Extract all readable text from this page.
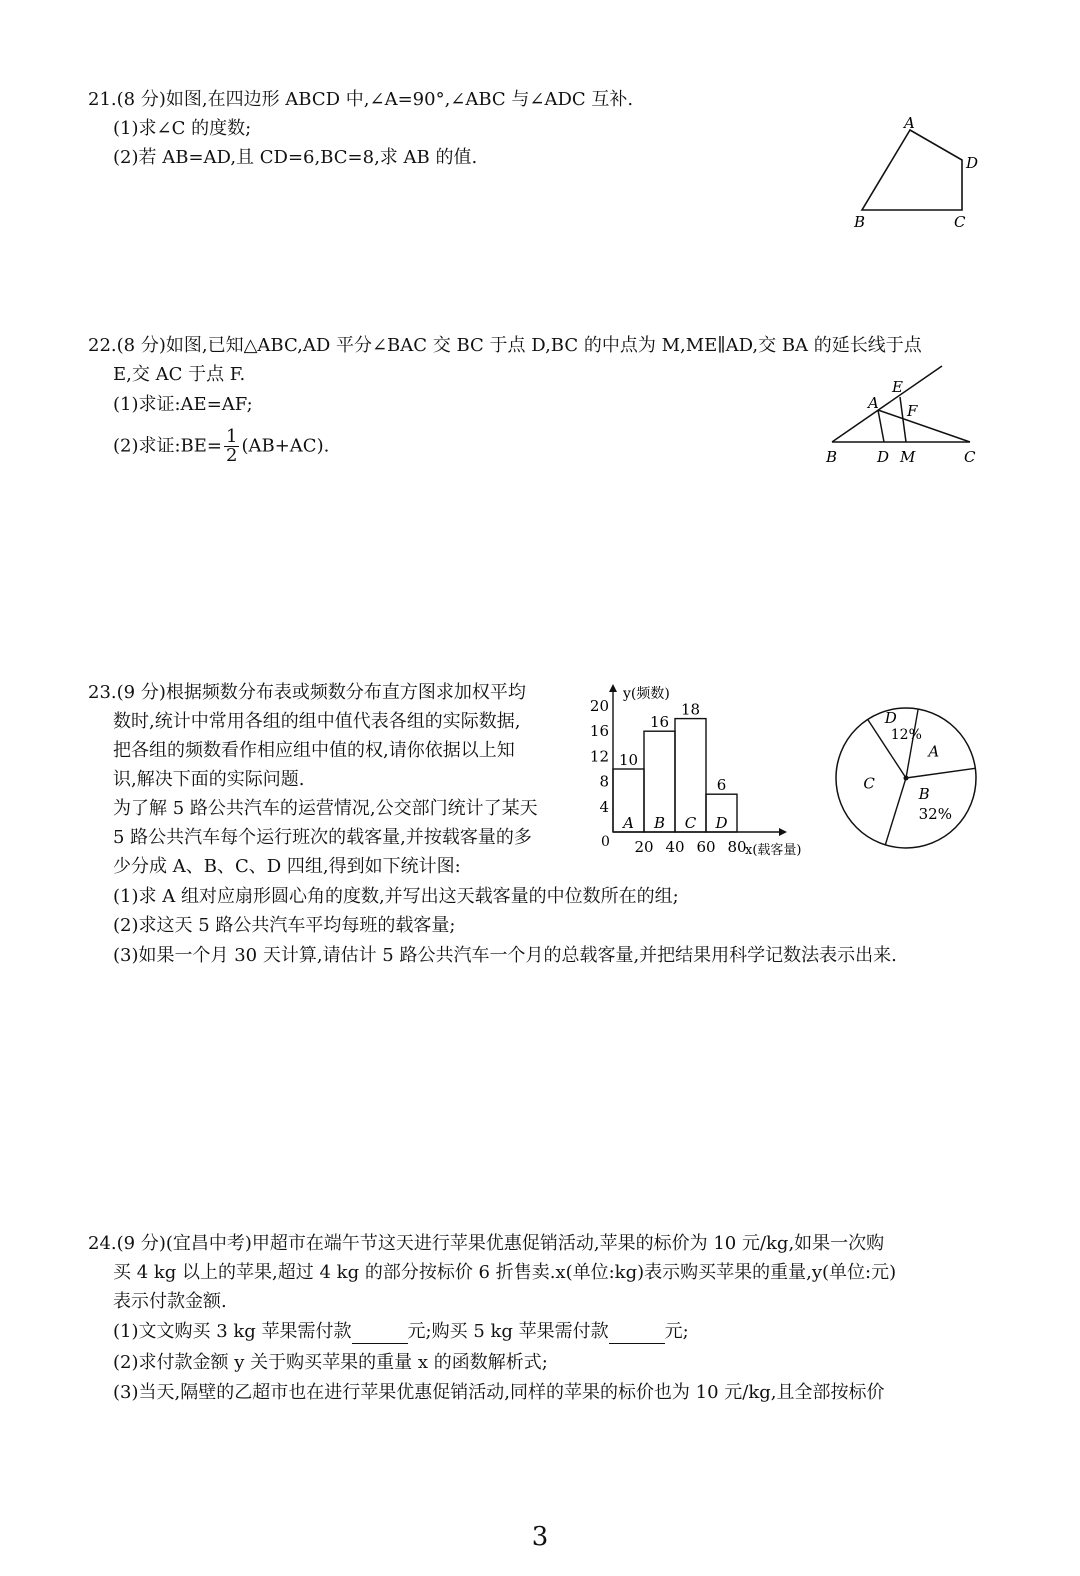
21.(8 分)如图,在四边形 ABCD 中,∠A=90°,∠ABC 与∠ADC 互补.
(1)求∠C 的度数;
(2)若 AB=AD,且 CD=6,BC=8,求 AB 的值.
A
D
B	C
22.(8 分)如图,已知△ABC,AD 平分∠BAC 交 BC 于点 D,BC 的中点为 M,ME∥AD,交 BA 的延长线于点
E,交 AC 于点 F.
(1)求证:AE=AF;
(2)求证:BE= $\frac{1}{2} (AB+AC)$.
A
E
F
B	D M	C
23.(9 分)根据频数分布表或频数分布直方图求加权平均
数时,统计中常用各组的组中值代表各组的实际数据,
把各组的频数看作相应组中值的权,请你依据以上知
识,解决下面的实际问题.
为了解 5 路公共汽车的运营情况,公交部门统计了某天
5 路公共汽车每个运行班次的载客量,并按载客量的多
少分成 A、B、C、D 四组,得到如下统计图:
(1)求 A 组对应扇形圆心角的度数,并写出这天载客量的中位数所在的组;
(2)求这天 5 路公共汽车平均每班的载客量;
(3)如果一个月 30 天计算,请估计 5 路公共汽车一个月的总载客量,并把结果用科学记数法表示出来.
y(频数)
x(载客量)
0
4
8
12
16
20
20 40 60 80
A
10
B
16
C
18
D
6
A
B
32%
C
D
12%
24.(9 分)(宜昌中考)甲超市在端午节这天进行苹果优惠促销活动,苹果的标价为 10 元/kg,如果一次购
买 4 kg 以上的苹果,超过 4 kg 的部分按标价 6 折售卖.x(单位:kg)表示购买苹果的重量,y(单位:元)
表示付款金额.
(1)文文购买 3 kg 苹果需付款	元;购买 5 kg 苹果需付款	元;
(2)求付款金额 y 关于购买苹果的重量 x 的函数解析式;
(3)当天,隔壁的乙超市也在进行苹果优惠促销活动,同样的苹果的标价也为 10 元/kg,且全部按标价
3
